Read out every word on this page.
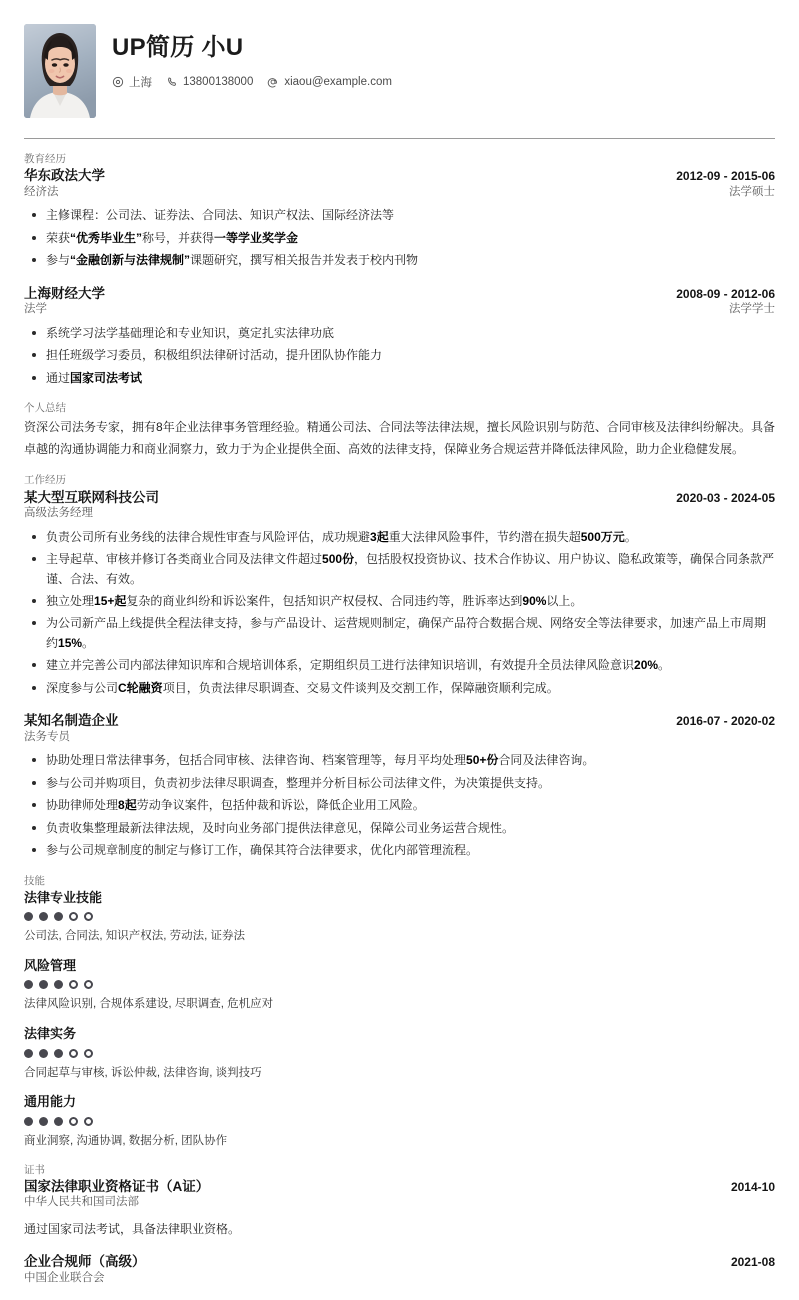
UP简历 小U
上海	13800138000	xiaou@example.com
教育经历
华东政法大学	2012-09 - 2015-06
经济法	法学硕士
主修课程：公司法、证券法、合同法、知识产权法、国际经济法等
荣获“优秀毕业生”称号，并获得一等学业奖学金
参与“金融创新与法律规制”课题研究，撰写相关报告并发表于校内刊物
上海财经大学	2008-09 - 2012-06
法学	法学学士
系统学习法学基础理论和专业知识，奠定扎实法律功底
担任班级学习委员，积极组织法律研讨活动，提升团队协作能力
通过国家司法考试
个人总结
资深公司法务专家，拥有8年企业法律事务管理经验。精通公司法、合同法等法律法规，擅长风险识别与防范、合同审核及法律纠纷解决。具备卓越的沟通协调能力和商业洞察力，致力于为企业提供全面、高效的法律支持，保障业务合规运营并降低法律风险，助力企业稳健发展。
工作经历
某大型互联网科技公司	2020-03 - 2024-05
高级法务经理
负责公司所有业务线的法律合规性审查与风险评估，成功规避3起重大法律风险事件，节约潜在损失超500万元。
主导起草、审核并修订各类商业合同及法律文件超过500份，包括股权投资协议、技术合作协议、用户协议、隐私政策等，确保合同条款严谨、合法、有效。
独立处理15+起复杂的商业纠纷和诉讼案件，包括知识产权侵权、合同违约等，胜诉率达到90%以上。
为公司新产品上线提供全程法律支持，参与产品设计、运营规则制定，确保产品符合数据合规、网络安全等法律要求，加速产品上市周期约15%。
建立并完善公司内部法律知识库和合规培训体系，定期组织员工进行法律知识培训，有效提升全员法律风险意识20%。
深度参与公司C轮融资项目，负责法律尽职调查、交易文件谈判及交割工作，保障融资顺利完成。
某知名制造企业	2016-07 - 2020-02
法务专员
协助处理日常法律事务，包括合同审核、法律咨询、档案管理等，每月平均处理50+份合同及法律咨询。
参与公司并购项目，负责初步法律尽职调查，整理并分析目标公司法律文件，为决策提供支持。
协助律师处理8起劳动争议案件，包括仲裁和诉讼，降低企业用工风险。
负责收集整理最新法律法规，及时向业务部门提供法律意见，保障公司业务运营合规性。
参与公司规章制度的制定与修订工作，确保其符合法律要求，优化内部管理流程。
技能
法律专业技能
公司法, 合同法, 知识产权法, 劳动法, 证券法
风险管理
法律风险识别, 合规体系建设, 尽职调查, 危机应对
法律实务
合同起草与审核, 诉讼仲裁, 法律咨询, 谈判技巧
通用能力
商业洞察, 沟通协调, 数据分析, 团队协作
证书
国家法律职业资格证书（A证）	2014-10
中华人民共和国司法部
通过国家司法考试，具备法律职业资格。
企业合规师（高级）	2021-08
中国企业联合会
